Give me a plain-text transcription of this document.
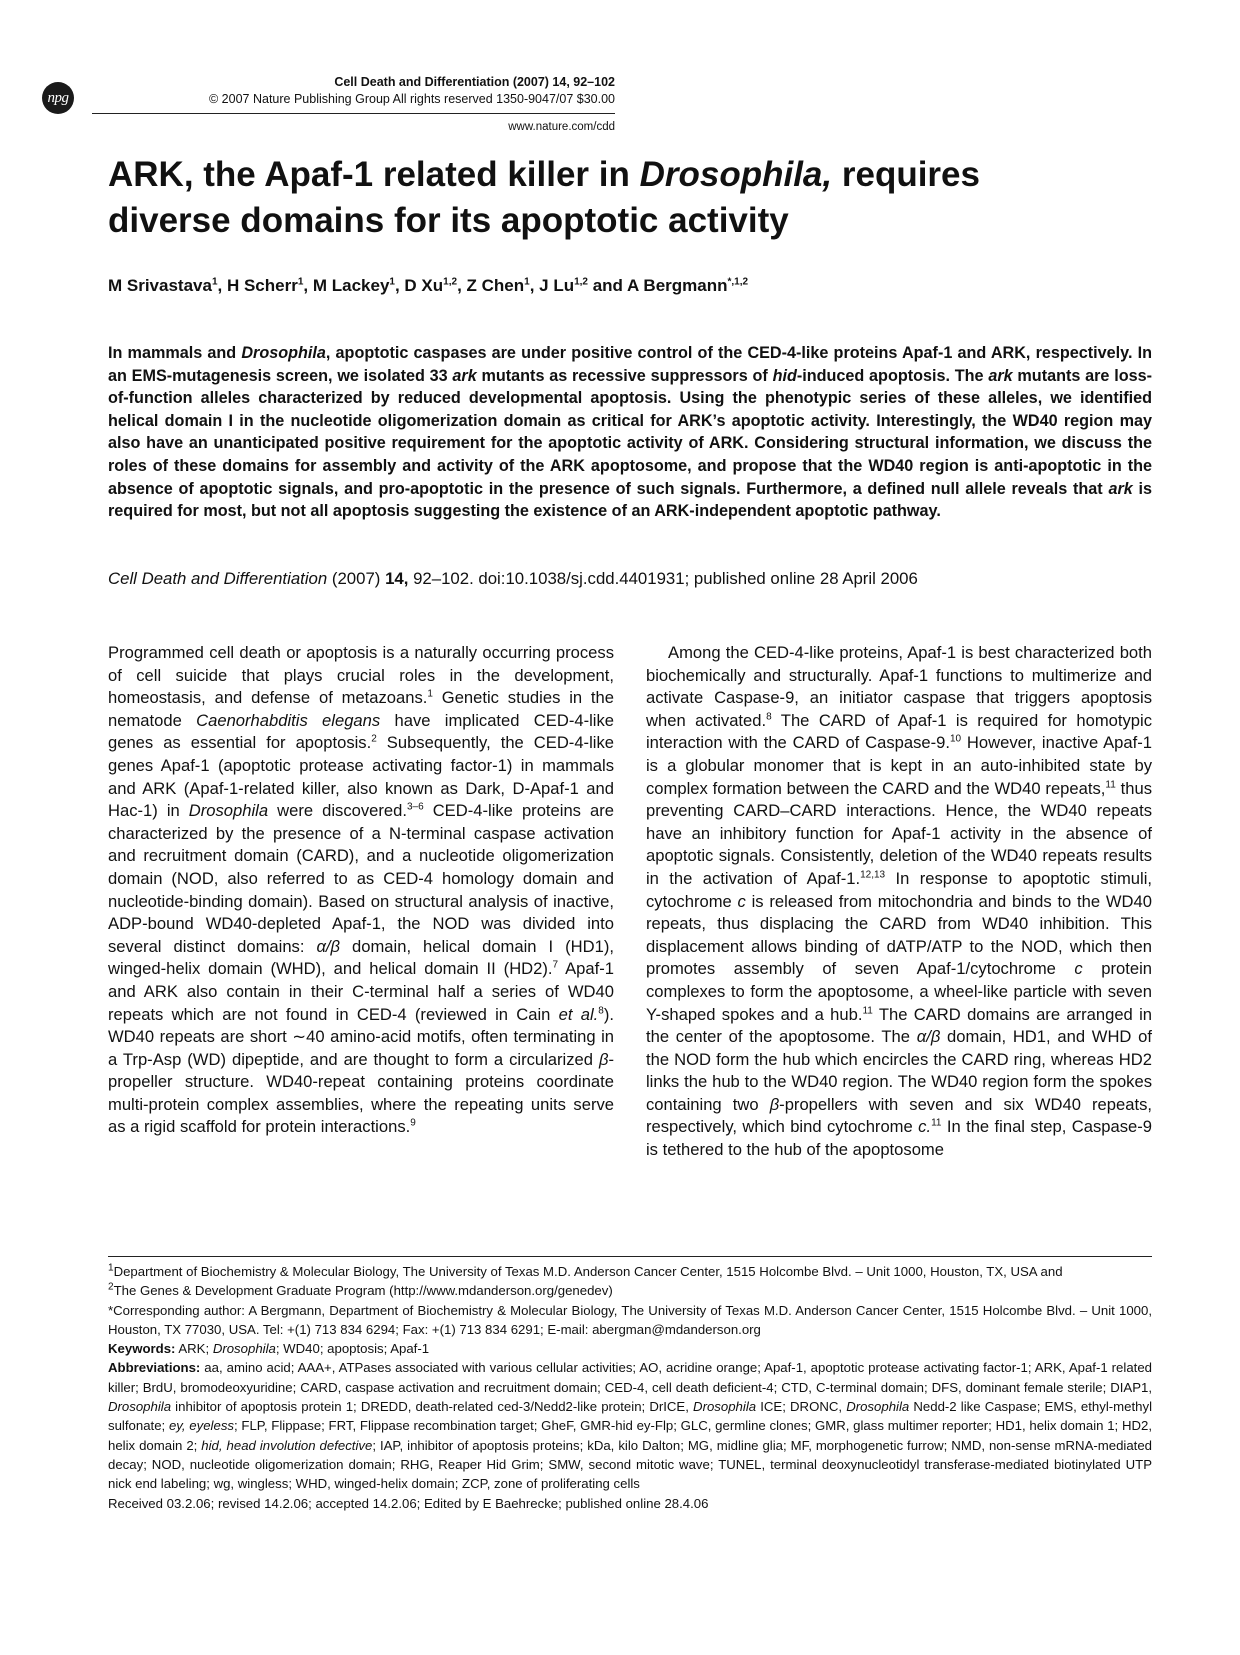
npg
Cell Death and Differentiation (2007) 14, 92–102
© 2007 Nature Publishing Group All rights reserved 1350-9047/07 $30.00
www.nature.com/cdd
ARK, the Apaf-1 related killer in Drosophila, requires diverse domains for its apoptotic activity
M Srivastava$^1$, H Scherr$^1$, M Lackey$^1$, D Xu$^{1,2}$, Z Chen$^1$, J Lu$^{1,2}$ and A Bergmann$^{*,1,2}$

In mammals and Drosophila, apoptotic caspases are under positive control of the CED-4-like proteins Apaf-1 and ARK, respectively. In an EMS-mutagenesis screen, we isolated 33 ark mutants as recessive suppressors of hid-induced apoptosis. The ark mutants are loss-of-function alleles characterized by reduced developmental apoptosis. Using the phenotypic series of these alleles, we identified helical domain I in the nucleotide oligomerization domain as critical for ARK’s apoptotic activity. Interestingly, the WD40 region may also have an unanticipated positive requirement for the apoptotic activity of ARK. Considering structural information, we discuss the roles of these domains for assembly and activity of the ARK apoptosome, and propose that the WD40 region is anti-apoptotic in the absence of apoptotic signals, and pro-apoptotic in the presence of such signals. Furthermore, a defined null allele reveals that ark is required for most, but not all apoptosis suggesting the existence of an ARK-independent apoptotic pathway.

Cell Death and Differentiation (2007) 14, 92–102. doi:10.1038/sj.cdd.4401931; published online 28 April 2006

Programmed cell death or apoptosis is a naturally occurring process of cell suicide that plays crucial roles in the development, homeostasis, and defense of metazoans.$^1$ Genetic studies in the nematode Caenorhabditis elegans have implicated CED-4-like genes as essential for apoptosis.$^2$ Subsequently, the CED-4-like genes Apaf-1 (apoptotic protease activating factor-1) in mammals and ARK (Apaf-1-related killer, also known as Dark, D-Apaf-1 and Hac-1) in Drosophila were discovered.$^{3-6}$ CED-4-like proteins are characterized by the presence of a N-terminal caspase activation and recruitment domain (CARD), and a nucleotide oligomerization domain (NOD, also referred to as CED-4 homology domain and nucleotide-binding domain). Based on structural analysis of inactive, ADP-bound WD40-depleted Apaf-1, the NOD was divided into several distinct domains: α/β domain, helical domain I (HD1), winged-helix domain (WHD), and helical domain II (HD2).$^7$ Apaf-1 and ARK also contain in their C-terminal half a series of WD40 repeats which are not found in CED-4 (reviewed in Cain et al.$^8$). WD40 repeats are short ∼40 amino-acid motifs, often terminating in a Trp-Asp (WD) dipeptide, and are thought to form a circularized β-propeller structure. WD40-repeat containing proteins coordinate multi-protein complex assemblies, where the repeating units serve as a rigid scaffold for protein interactions.$^9$

Among the CED-4-like proteins, Apaf-1 is best characterized both biochemically and structurally. Apaf-1 functions to multimerize and activate Caspase-9, an initiator caspase that triggers apoptosis when activated.$^8$ The CARD of Apaf-1 is required for homotypic interaction with the CARD of Caspase-9.10 However, inactive Apaf-1 is a globular monomer that is kept in an auto-inhibited state by complex formation between the CARD and the WD40 repeats,$^{11}$ thus preventing CARD–CARD interactions. Hence, the WD40 repeats have an inhibitory function for Apaf-1 activity in the absence of apoptotic signals. Consistently, deletion of the WD40 repeats results in the activation of Apaf-1.$^{12,13}$ In response to apoptotic stimuli, cytochrome c is released from mitochondria and binds to the WD40 repeats, thus displacing the CARD from WD40 inhibition. This displacement allows binding of dATP/ATP to the NOD, which then promotes assembly of seven Apaf-1/cytochrome c protein complexes to form the apoptosome, a wheel-like particle with seven Y-shaped spokes and a hub.$^{11}$ The CARD domains are arranged in the center of the apoptosome. The α/β domain, HD1, and WHD of the NOD form the hub which encircles the CARD ring, whereas HD2 links the hub to the WD40 region. The WD40 region form the spokes containing two β-propellers with seven and six WD40 repeats, respectively, which bind cytochrome c.$^{11}$ In the final step, Caspase-9 is tethered to the hub of the apoptosome

$^1$Department of Biochemistry & Molecular Biology, The University of Texas M.D. Anderson Cancer Center, 1515 Holcombe Blvd. – Unit 1000, Houston, TX, USA and

$^2$The Genes & Development Graduate Program (http://www.mdanderson.org/genedev)

*Corresponding author: A Bergmann, Department of Biochemistry & Molecular Biology, The University of Texas M.D. Anderson Cancer Center, 1515 Holcombe Blvd. – Unit 1000, Houston, TX 77030, USA. Tel: +(1) 713 834 6294; Fax: +(1) 713 834 6291; E-mail: abergman@mdanderson.org

Keywords: ARK; Drosophila; WD40; apoptosis; Apaf-1

Abbreviations: aa, amino acid; AAA+, ATPases associated with various cellular activities; AO, acridine orange; Apaf-1, apoptotic protease activating factor-1; ARK, Apaf-1 related killer; BrdU, bromodeoxyuridine; CARD, caspase activation and recruitment domain; CED-4, cell death deficient-4; CTD, C-terminal domain; DFS, dominant female sterile; DIAP1, Drosophila inhibitor of apoptosis protein 1; DREDD, death-related ced-3/Nedd2-like protein; DrICE, Drosophila ICE; DRONC, Drosophila Nedd-2 like Caspase; EMS, ethyl-methyl sulfonate; ey, eyeless; FLP, Flippase; FRT, Flippase recombination target; GheF, GMR-hid ey-Flp; GLC, germline clones; GMR, glass multimer reporter; HD1, helix domain 1; HD2, helix domain 2; hid, head involution defective; IAP, inhibitor of apoptosis proteins; kDa, kilo Dalton; MG, midline glia; MF, morphogenetic furrow; NMD, non-sense mRNA-mediated decay; NOD, nucleotide oligomerization domain; RHG, Reaper Hid Grim; SMW, second mitotic wave; TUNEL, terminal deoxynucleotidyl transferase-mediated biotinylated UTP nick end labeling; wg, wingless; WHD, winged-helix domain; ZCP, zone of proliferating cells

Received 03.2.06; revised 14.2.06; accepted 14.2.06; Edited by E Baehrecke; published online 28.4.06
